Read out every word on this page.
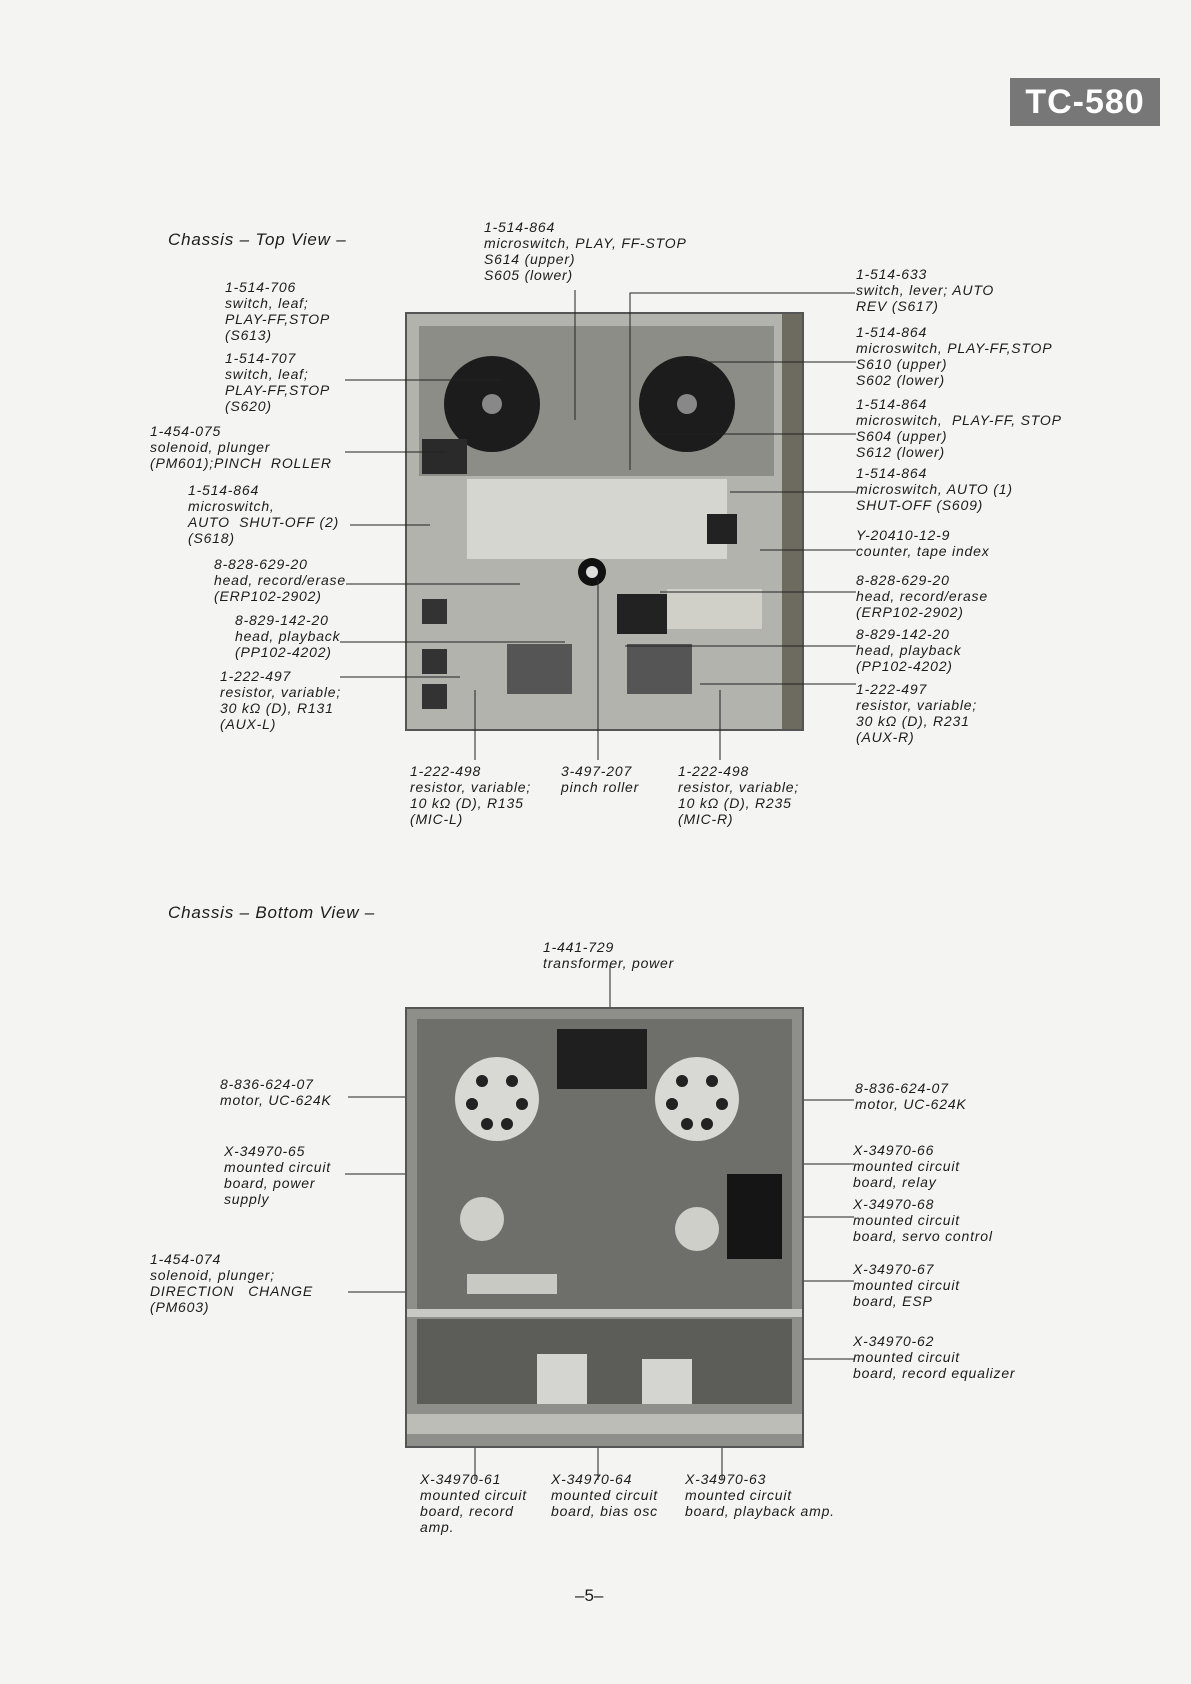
TC-580
Chassis – Top View –
1-514-864
microswitch, PLAY, FF-STOP
S614 (upper)
S605 (lower)
1-514-706
switch, leaf;
PLAY-FF,STOP
(S613)
1-514-707
switch, leaf;
PLAY-FF,STOP
(S620)
1-454-075
solenoid, plunger
(PM601);PINCH  ROLLER
1-514-864
microswitch,
AUTO  SHUT-OFF (2)
(S618)
8-828-629-20
head, record/erase
(ERP102-2902)
8-829-142-20
head, playback
(PP102-4202)
1-222-497
resistor, variable;
30 kΩ (D), R131
(AUX-L)
1-514-633
switch, lever; AUTO
REV (S617)
1-514-864
microswitch, PLAY-FF,STOP
S610 (upper)
S602 (lower)
1-514-864
microswitch,  PLAY-FF, STOP
S604 (upper)
S612 (lower)
1-514-864
microswitch, AUTO (1)
SHUT-OFF (S609)
Y-20410-12-9
counter, tape index
8-828-629-20
head, record/erase
(ERP102-2902)
8-829-142-20
head, playback
(PP102-4202)
1-222-497
resistor, variable;
30 kΩ (D), R231
(AUX-R)
1-222-498
resistor, variable;
10 kΩ (D), R135
(MIC-L)
3-497-207
pinch roller
1-222-498
resistor, variable;
10 kΩ (D), R235
(MIC-R)
Chassis – Bottom View –
1-441-729
transformer, power
8-836-624-07
motor, UC-624K
X-34970-65
mounted circuit
board, power
supply
1-454-074
solenoid, plunger;
DIRECTION   CHANGE
(PM603)
8-836-624-07
motor, UC-624K
X-34970-66
mounted circuit
board, relay
X-34970-68
mounted circuit
board, servo control
X-34970-67
mounted circuit
board, ESP
X-34970-62
mounted circuit
board, record equalizer
X-34970-61
mounted circuit
board, record
amp.
X-34970-64
mounted circuit
board, bias osc
X-34970-63
mounted circuit
board, playback amp.
–5–
